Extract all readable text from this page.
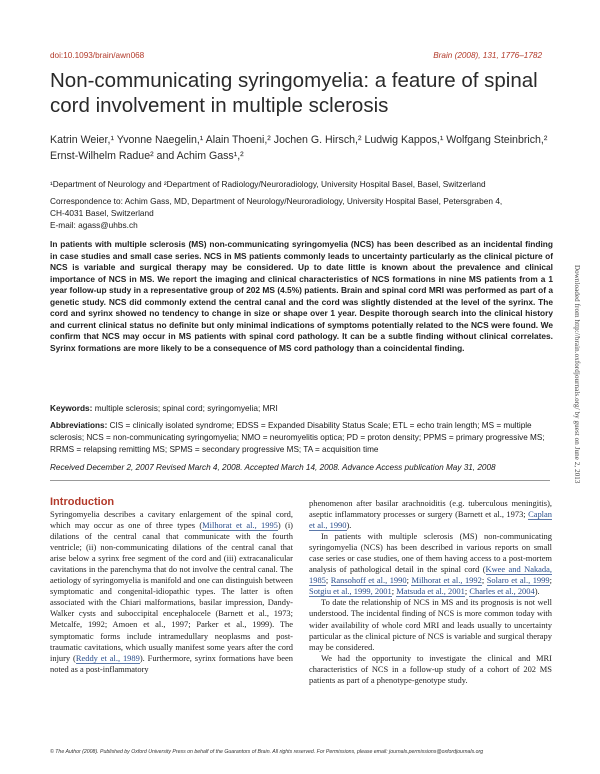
doi:10.1093/brain/awn068	Brain (2008), 131, 1776–1782
Non-communicating syringomyelia: a feature of spinal cord involvement in multiple sclerosis
Katrin Weier,¹ Yvonne Naegelin,¹ Alain Thoeni,² Jochen G. Hirsch,² Ludwig Kappos,¹ Wolfgang Steinbrich,²
Ernst-Wilhelm Radue² and Achim Gass¹,²
¹Department of Neurology and ²Department of Radiology/Neuroradiology, University Hospital Basel, Basel, Switzerland
Correspondence to: Achim Gass, MD, Department of Neurology/Neuroradiology, University Hospital Basel, Petersgraben 4,
CH-4031 Basel, Switzerland
E-mail: agass@uhbs.ch
In patients with multiple sclerosis (MS) non-communicating syringomyelia (NCS) has been described as an incidental finding in case studies and small case series. NCS in MS patients commonly leads to uncertainty particularly as the clinical picture of NCS is variable and surgical therapy may be considered. Up to date little is known about the prevalence and clinical importance of NCS in MS. We report the imaging and clinical characteristics of NCS formations in nine MS patients from a 1 year follow-up study in a representative group of 202 MS (4.5%) patients. Brain and spinal cord MRI was performed as part of a genetic study. NCS did commonly extend the central canal and the cord was slightly distended at the level of the syrinx. The cord and syrinx showed no tendency to change in size or shape over 1 year. Despite thorough search into the clinical history and current clinical status no definite but only minimal indications of symptoms potentially related to the NCS were found. We confirm that NCS may occur in MS patients with spinal cord pathology. It can be a subtle finding without clinical correlates. Syrinx formations are more likely to be a consequence of MS cord pathology than a coincidental finding.
Keywords: multiple sclerosis; spinal cord; syringomyelia; MRI
Abbreviations: CIS = clinically isolated syndrome; EDSS = Expanded Disability Status Scale; ETL = echo train length; MS = multiple sclerosis; NCS = non-communicating syringomyelia; NMO = neuromyelitis optica; PD = proton density; PPMS = primary progressive MS; RRMS = relapsing remitting MS; SPMS = secondary progressive MS; TA = acquisition time
Received December 2, 2007 Revised March 4, 2008. Accepted March 14, 2008. Advance Access publication May 31, 2008
Introduction

Syringomyelia describes a cavitary enlargement of the spinal cord, which may occur as one of three types (Milhorat et al., 1995) (i) dilations of the central canal that communicate with the fourth ventricle; (ii) non-communicating dilations of the central canal that arise below a syrinx free segment of the cord and (iii) extracanalicular cavitations in the parenchyma that do not involve the central canal. The aetiology of syringomyelia is manifold and one can distinguish between symptomatic and congenital-idiopathic types. The latter is often associated with the Chiari malformations, basilar impression, Dandy-Walker cysts and suboccipital encephalocele (Barnett et al., 1973; Metcalfe, 1992; Amoen et al., 1997; Parker et al., 1999). The symptomatic forms include intramedullary neoplasms and post-traumatic cavitations, which usually manifest some years after the cord injury (Reddy et al., 1989). Furthermore, syrinx formations have been noted as a post-inflammatory

phenomenon after basilar arachnoiditis (e.g. tuberculous meningitis), aseptic inflammatory processes or surgery (Barnett et al., 1973; Caplan et al., 1990).

In patients with multiple sclerosis (MS) non-communicating syringomyelia (NCS) has been described in various reports on small case series or case studies, one of them having access to a post-mortem analysis of pathological detail in the spinal cord (Kwee and Nakada, 1985; Ransohoff et al., 1990; Milhorat et al., 1992; Solaro et al., 1999; Sotgiu et al., 1999, 2001; Matsuda et al., 2001; Charles et al., 2004).

To date the relationship of NCS in MS and its prognosis is not well understood. The incidental finding of NCS is more common today with wider availability of whole cord MRI and leads usually to uncertainty particular as the clinical picture of NCS is variable and surgical therapy may be considered.

We had the opportunity to investigate the clinical and MRI characteristics of NCS in a follow-up study of a cohort of 202 MS patients as part of a phenotype-genotype study.

© The Author (2008). Published by Oxford University Press on behalf of the Guarantors of Brain. All rights reserved. For Permissions, please email: journals.permissions@oxfordjournals.org
Downloaded from http://brain.oxfordjournals.org/ by guest on June 2, 2013
